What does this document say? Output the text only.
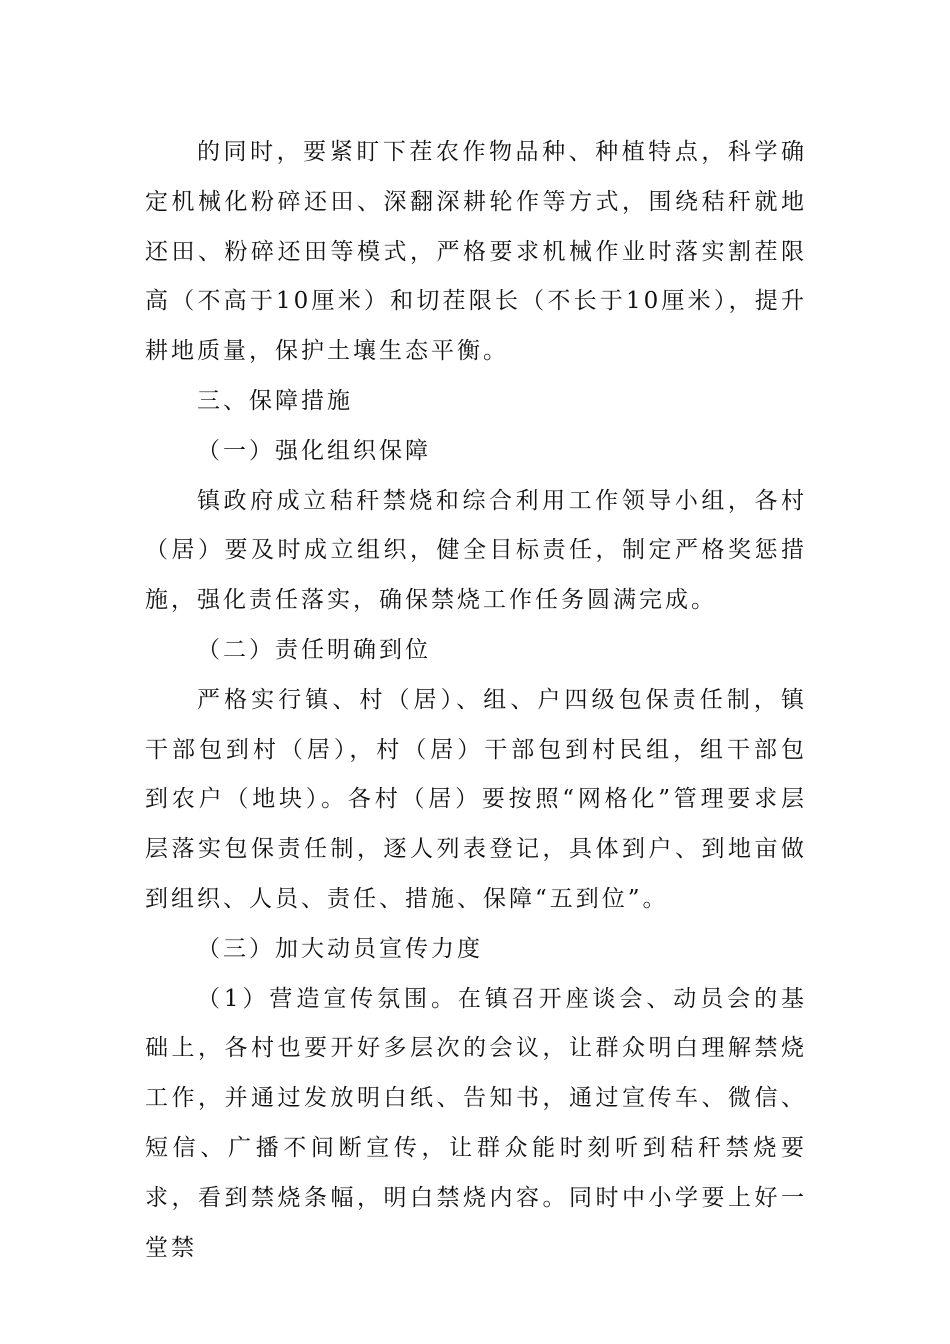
的同时，要紧盯下茬农作物品种、种植特点，科学确定机械化粉碎还田、深翻深耕轮作等方式，围绕秸秆就地还田、粉碎还田等模式，严格要求机械作业时落实割茬限高（不高于10厘米）和切茬限长（不长于10厘米），提升耕地质量，保护土壤生态平衡。

三、保障措施

（一）强化组织保障

镇政府成立秸秆禁烧和综合利用工作领导小组，各村（居）要及时成立组织，健全目标责任，制定严格奖惩措施，强化责任落实，确保禁烧工作任务圆满完成。

（二）责任明确到位

严格实行镇、村（居）、组、户四级包保责任制，镇干部包到村（居），村（居）干部包到村民组，组干部包到农户（地块）。各村（居）要按照“网格化”管理要求层层落实包保责任制，逐人列表登记，具体到户、到地亩做到组织、人员、责任、措施、保障“五到位”。

（三）加大动员宣传力度

（1）营造宣传氛围。在镇召开座谈会、动员会的基础上，各村也要开好多层次的会议，让群众明白理解禁烧工作，并通过发放明白纸、告知书，通过宣传车、微信、短信、广播不间断宣传，让群众能时刻听到秸秆禁烧要求，看到禁烧条幅，明白禁烧内容。同时中小学要上好一堂禁
